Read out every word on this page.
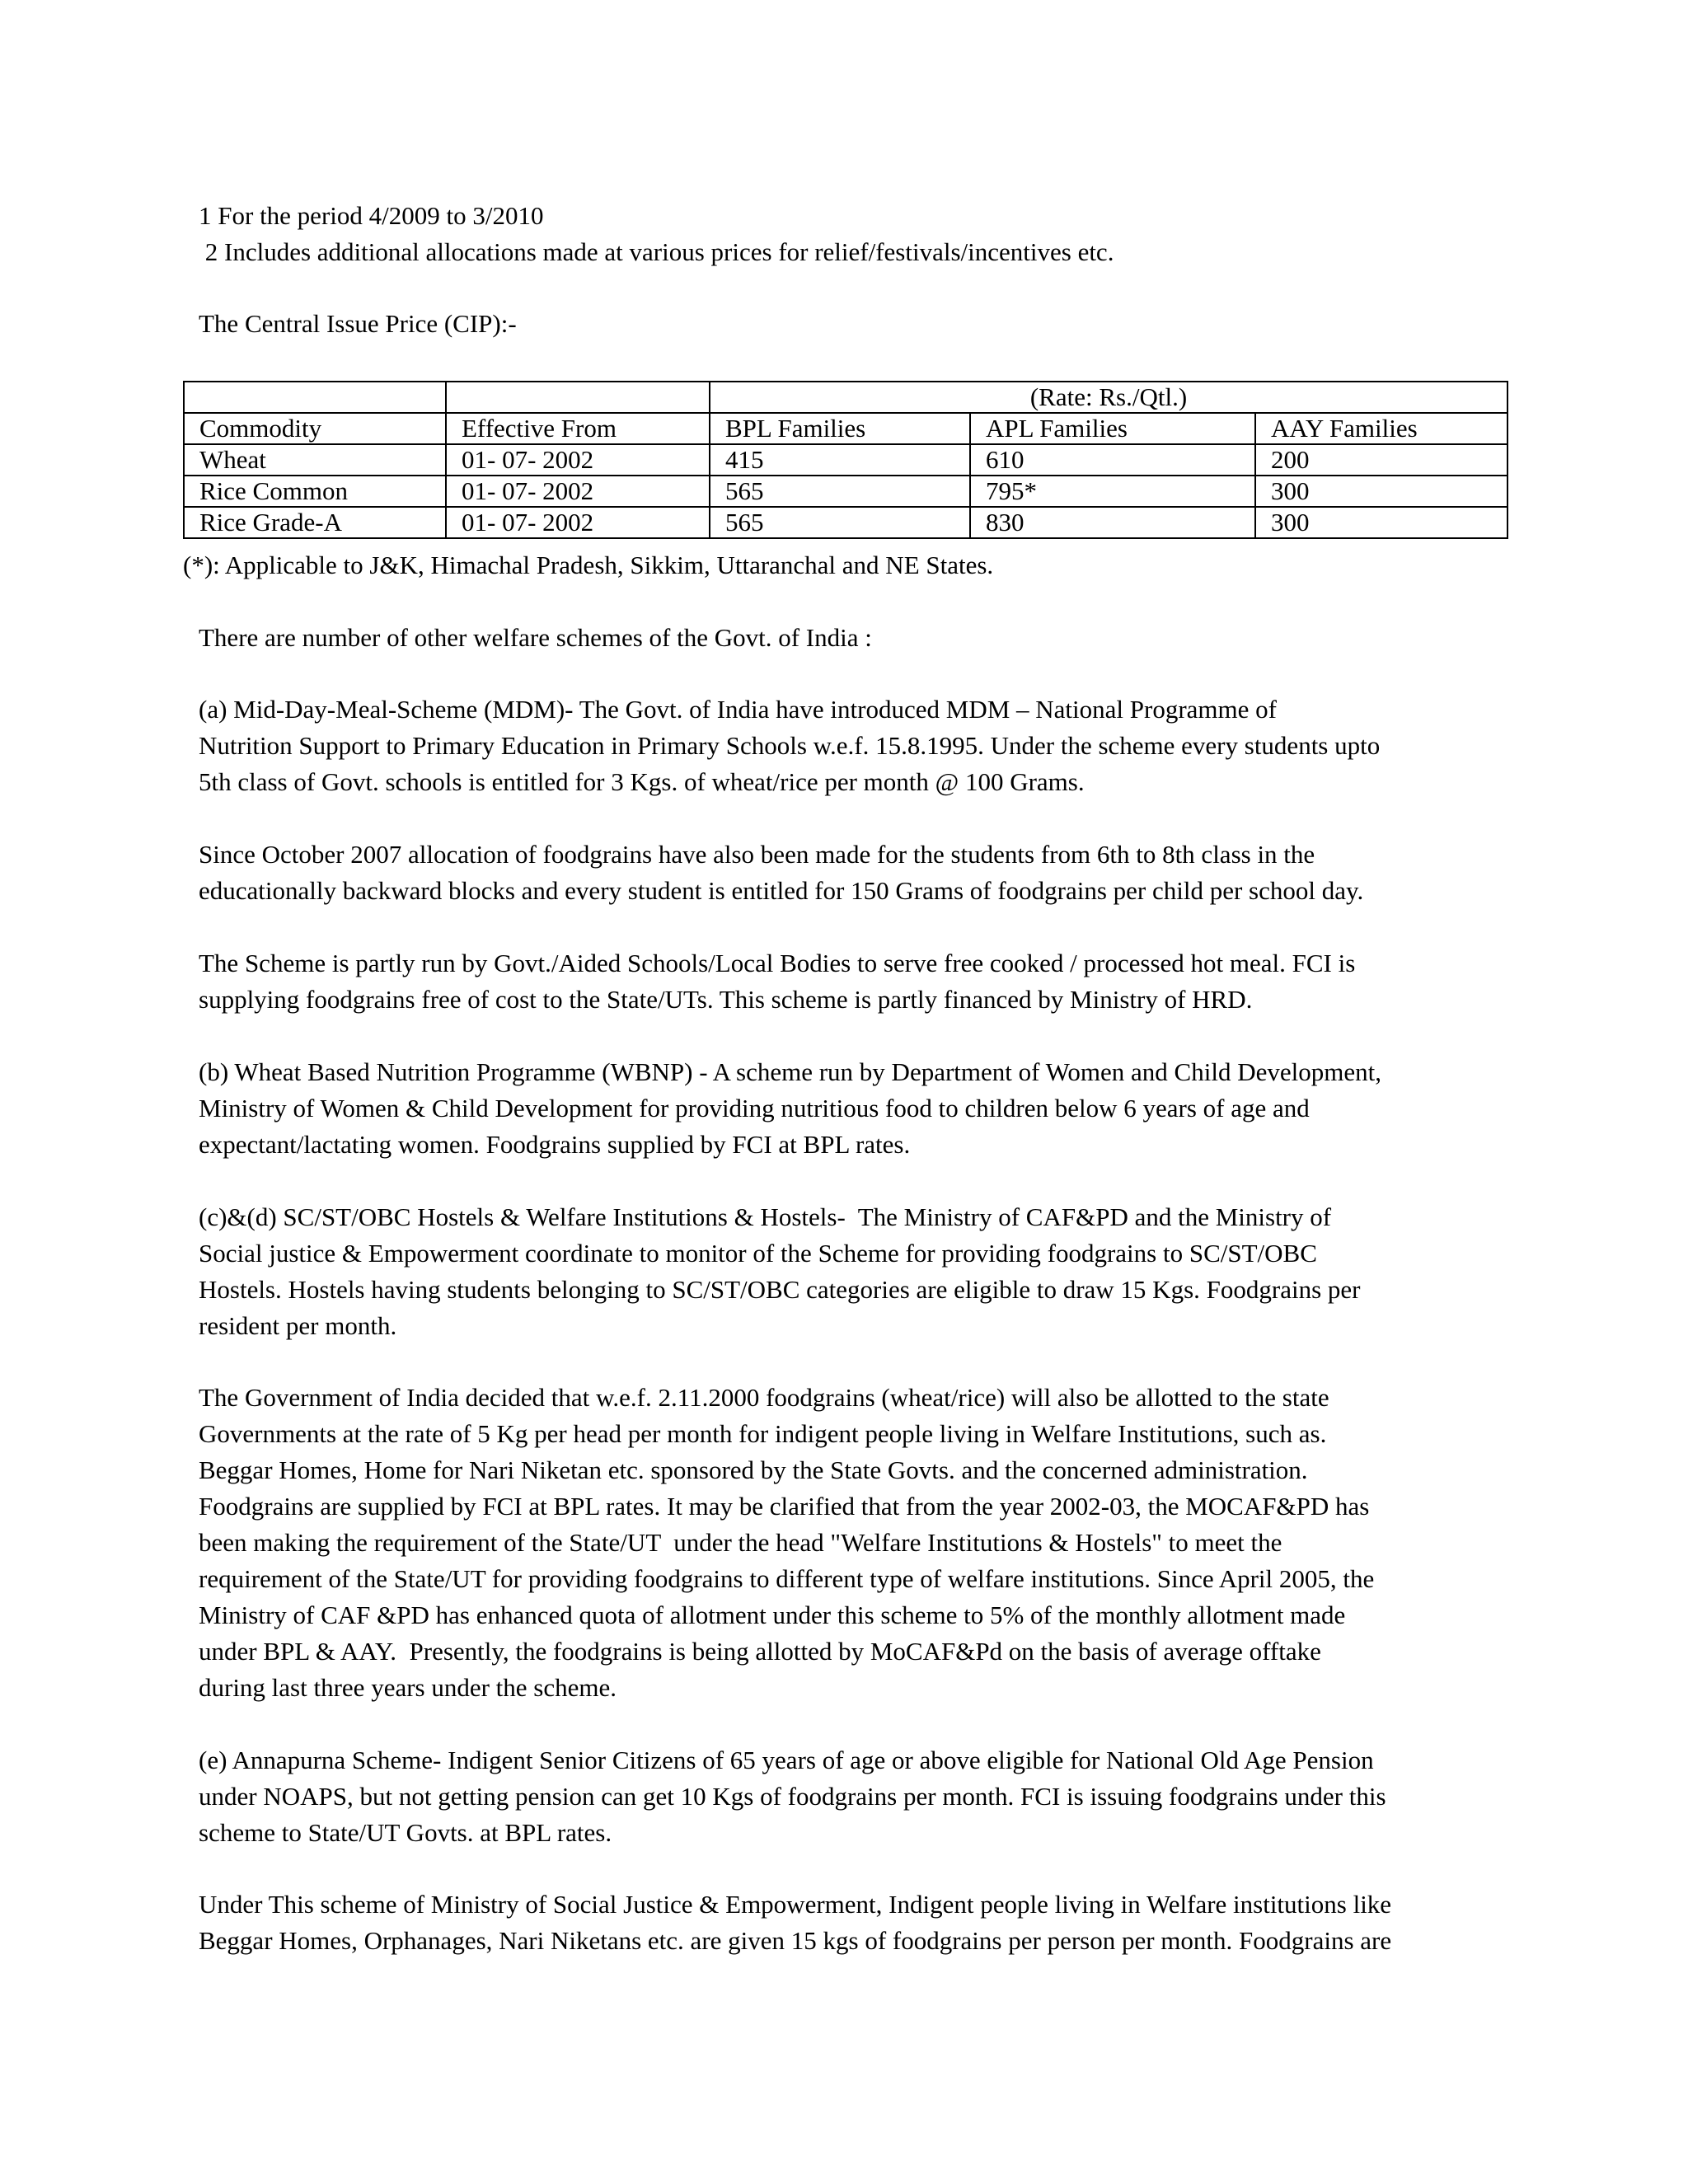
1 For the period 4/2009 to 3/2010
2 Includes additional allocations made at various prices for relief/festivals/incentives etc.
The Central Issue Price (CIP):-
		(Rate: Rs./Qtl.)		
Commodity	Effective From	BPL Families	APL Families	AAY Families
Wheat	01- 07- 2002	415	610	200
Rice Common	01- 07- 2002	565	795*	300
Rice Grade-A	01- 07- 2002	565	830	300
(*): Applicable to J&K, Himachal Pradesh, Sikkim, Uttaranchal and NE States.
There are number of other welfare schemes of the Govt. of India :
(a) Mid-Day-Meal-Scheme (MDM)- The Govt. of India have introduced MDM – National Programme of
Nutrition Support to Primary Education in Primary Schools w.e.f. 15.8.1995. Under the scheme every students upto
5th class of Govt. schools is entitled for 3 Kgs. of wheat/rice per month @ 100 Grams.
Since October 2007 allocation of foodgrains have also been made for the students from 6th to 8th class in the
educationally backward blocks and every student is entitled for 150 Grams of foodgrains per child per school day.
The Scheme is partly run by Govt./Aided Schools/Local Bodies to serve free cooked / processed hot meal. FCI is
supplying foodgrains free of cost to the State/UTs. This scheme is partly financed by Ministry of HRD.
(b) Wheat Based Nutrition Programme (WBNP) - A scheme run by Department of Women and Child Development,
Ministry of Women & Child Development for providing nutritious food to children below 6 years of age and
expectant/lactating women. Foodgrains supplied by FCI at BPL rates.
(c)&(d) SC/ST/OBC Hostels & Welfare Institutions & Hostels-  The Ministry of CAF&PD and the Ministry of
Social justice & Empowerment coordinate to monitor of the Scheme for providing foodgrains to SC/ST/OBC
Hostels. Hostels having students belonging to SC/ST/OBC categories are eligible to draw 15 Kgs. Foodgrains per
resident per month.
The Government of India decided that w.e.f. 2.11.2000 foodgrains (wheat/rice) will also be allotted to the state
Governments at the rate of 5 Kg per head per month for indigent people living in Welfare Institutions, such as.
Beggar Homes, Home for Nari Niketan etc. sponsored by the State Govts. and the concerned administration.
Foodgrains are supplied by FCI at BPL rates. It may be clarified that from the year 2002-03, the MOCAF&PD has
been making the requirement of the State/UT  under the head "Welfare Institutions & Hostels" to meet the
requirement of the State/UT for providing foodgrains to different type of welfare institutions. Since April 2005, the
Ministry of CAF &PD has enhanced quota of allotment under this scheme to 5% of the monthly allotment made
under BPL & AAY.  Presently, the foodgrains is being allotted by MoCAF&Pd on the basis of average offtake
during last three years under the scheme.
(e) Annapurna Scheme- Indigent Senior Citizens of 65 years of age or above eligible for National Old Age Pension
under NOAPS, but not getting pension can get 10 Kgs of foodgrains per month. FCI is issuing foodgrains under this
scheme to State/UT Govts. at BPL rates.
Under This scheme of Ministry of Social Justice & Empowerment, Indigent people living in Welfare institutions like
Beggar Homes, Orphanages, Nari Niketans etc. are given 15 kgs of foodgrains per person per month. Foodgrains are
